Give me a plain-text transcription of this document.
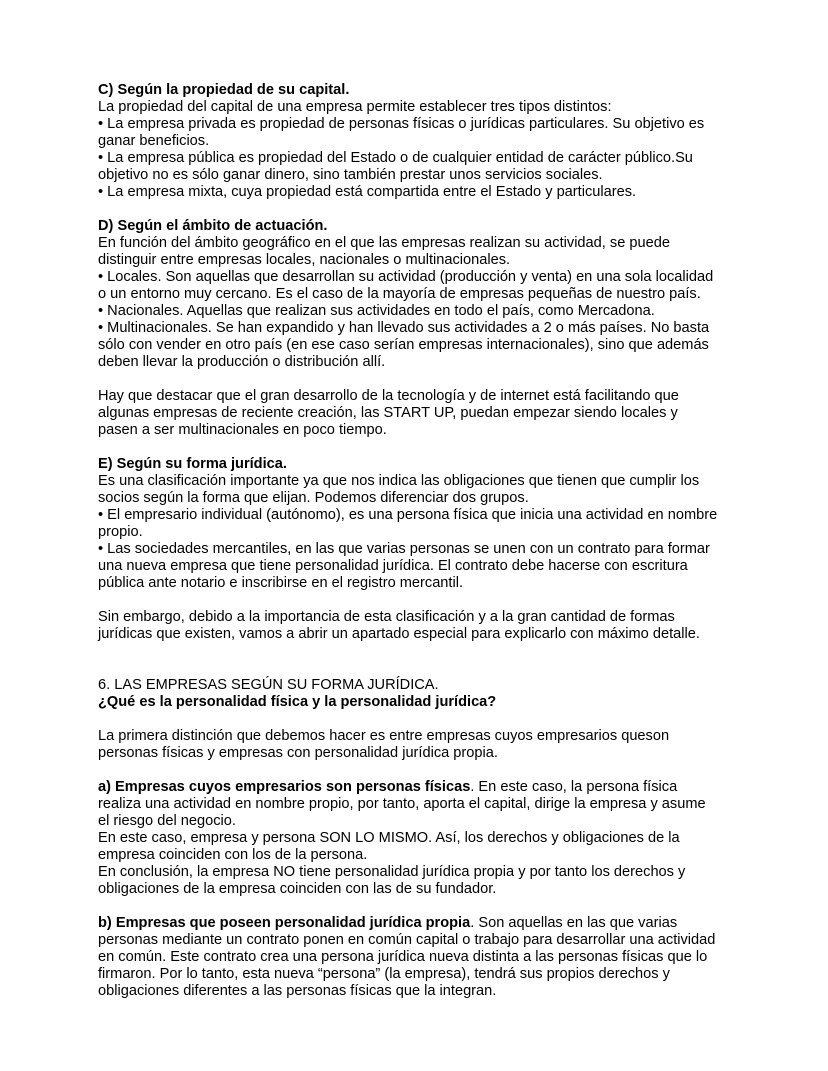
C) Según la propiedad de su capital.
La propiedad del capital de una empresa permite establecer tres tipos distintos:
• La empresa privada es propiedad de personas físicas o jurídicas particulares. Su objetivo es
ganar beneficios.
• La empresa pública es propiedad del Estado o de cualquier entidad de carácter público.Su
objetivo no es sólo ganar dinero, sino también prestar unos servicios sociales.
• La empresa mixta, cuya propiedad está compartida entre el Estado y particulares.
D) Según el ámbito de actuación.
En función del ámbito geográfico en el que las empresas realizan su actividad, se puede
distinguir entre empresas locales, nacionales o multinacionales.
• Locales. Son aquellas que desarrollan su actividad (producción y venta) en una sola localidad
o un entorno muy cercano. Es el caso de la mayoría de empresas pequeñas de nuestro país.
• Nacionales. Aquellas que realizan sus actividades en todo el país, como Mercadona.
• Multinacionales. Se han expandido y han llevado sus actividades a 2 o más países. No basta
sólo con vender en otro país (en ese caso serían empresas internacionales), sino que además
deben llevar la producción o distribución allí.
Hay que destacar que el gran desarrollo de la tecnología y de internet está facilitando que
algunas empresas de reciente creación, las START UP, puedan empezar siendo locales y
pasen a ser multinacionales en poco tiempo.
E) Según su forma jurídica.
Es una clasificación importante ya que nos indica las obligaciones que tienen que cumplir los
socios según la forma que elijan. Podemos diferenciar dos grupos.
• El empresario individual (autónomo), es una persona física que inicia una actividad en nombre
propio.
• Las sociedades mercantiles, en las que varias personas se unen con un contrato para formar
una nueva empresa que tiene personalidad jurídica. El contrato debe hacerse con escritura
pública ante notario e inscribirse en el registro mercantil.
Sin embargo, debido a la importancia de esta clasificación y a la gran cantidad de formas
jurídicas que existen, vamos a abrir un apartado especial para explicarlo con máximo detalle.
6. LAS EMPRESAS SEGÚN SU FORMA JURÍDICA.
¿Qué es la personalidad física y la personalidad jurídica?
La primera distinción que debemos hacer es entre empresas cuyos empresarios queson
personas físicas y empresas con personalidad jurídica propia.
a) Empresas cuyos empresarios son personas físicas. En este caso, la persona física
realiza una actividad en nombre propio, por tanto, aporta el capital, dirige la empresa y asume
el riesgo del negocio.
En este caso, empresa y persona SON LO MISMO. Así, los derechos y obligaciones de la
empresa coinciden con los de la persona.
En conclusión, la empresa NO tiene personalidad jurídica propia y por tanto los derechos y
obligaciones de la empresa coinciden con las de su fundador.
b) Empresas que poseen personalidad jurídica propia. Son aquellas en las que varias
personas mediante un contrato ponen en común capital o trabajo para desarrollar una actividad
en común. Este contrato crea una persona jurídica nueva distinta a las personas físicas que lo
firmaron. Por lo tanto, esta nueva “persona” (la empresa), tendrá sus propios derechos y
obligaciones diferentes a las personas físicas que la integran.
